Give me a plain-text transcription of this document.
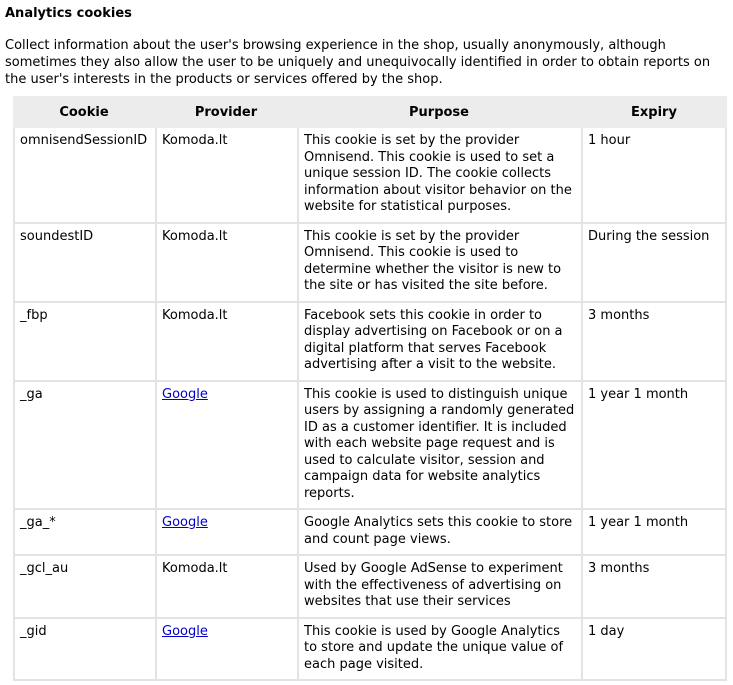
Analytics cookies

Collect information about the user's browsing experience in the shop, usually anonymously, although sometimes they also allow the user to be uniquely and unequivocally identified in order to obtain reports on the user's interests in the products or services offered by the shop.

Cookie	Provider	Purpose	Expiry
omnisendSessionID	Komoda.lt	This cookie is set by the provider Omnisend. This cookie is used to set a unique session ID. The cookie collects information about visitor behavior on the website for statistical purposes.	1 hour
soundestID	Komoda.lt	This cookie is set by the provider Omnisend. This cookie is used to determine whether the visitor is new to the site or has visited the site before.	During the session
_fbp	Komoda.lt	Facebook sets this cookie in order to display advertising on Facebook or on a digital platform that serves Facebook advertising after a visit to the website.	3 months
_ga	Google	This cookie is used to distinguish unique users by assigning a randomly generated ID as a customer identifier. It is included with each website page request and is used to calculate visitor, session and campaign data for website analytics reports.	1 year 1 month
_ga_*	Google	Google Analytics sets this cookie to store and count page views.	1 year 1 month
_gcl_au	Komoda.lt	Used by Google AdSense to experiment with the effectiveness of advertising on websites that use their services	3 months
_gid	Google	This cookie is used by Google Analytics to store and update the unique value of each page visited.	1 day
